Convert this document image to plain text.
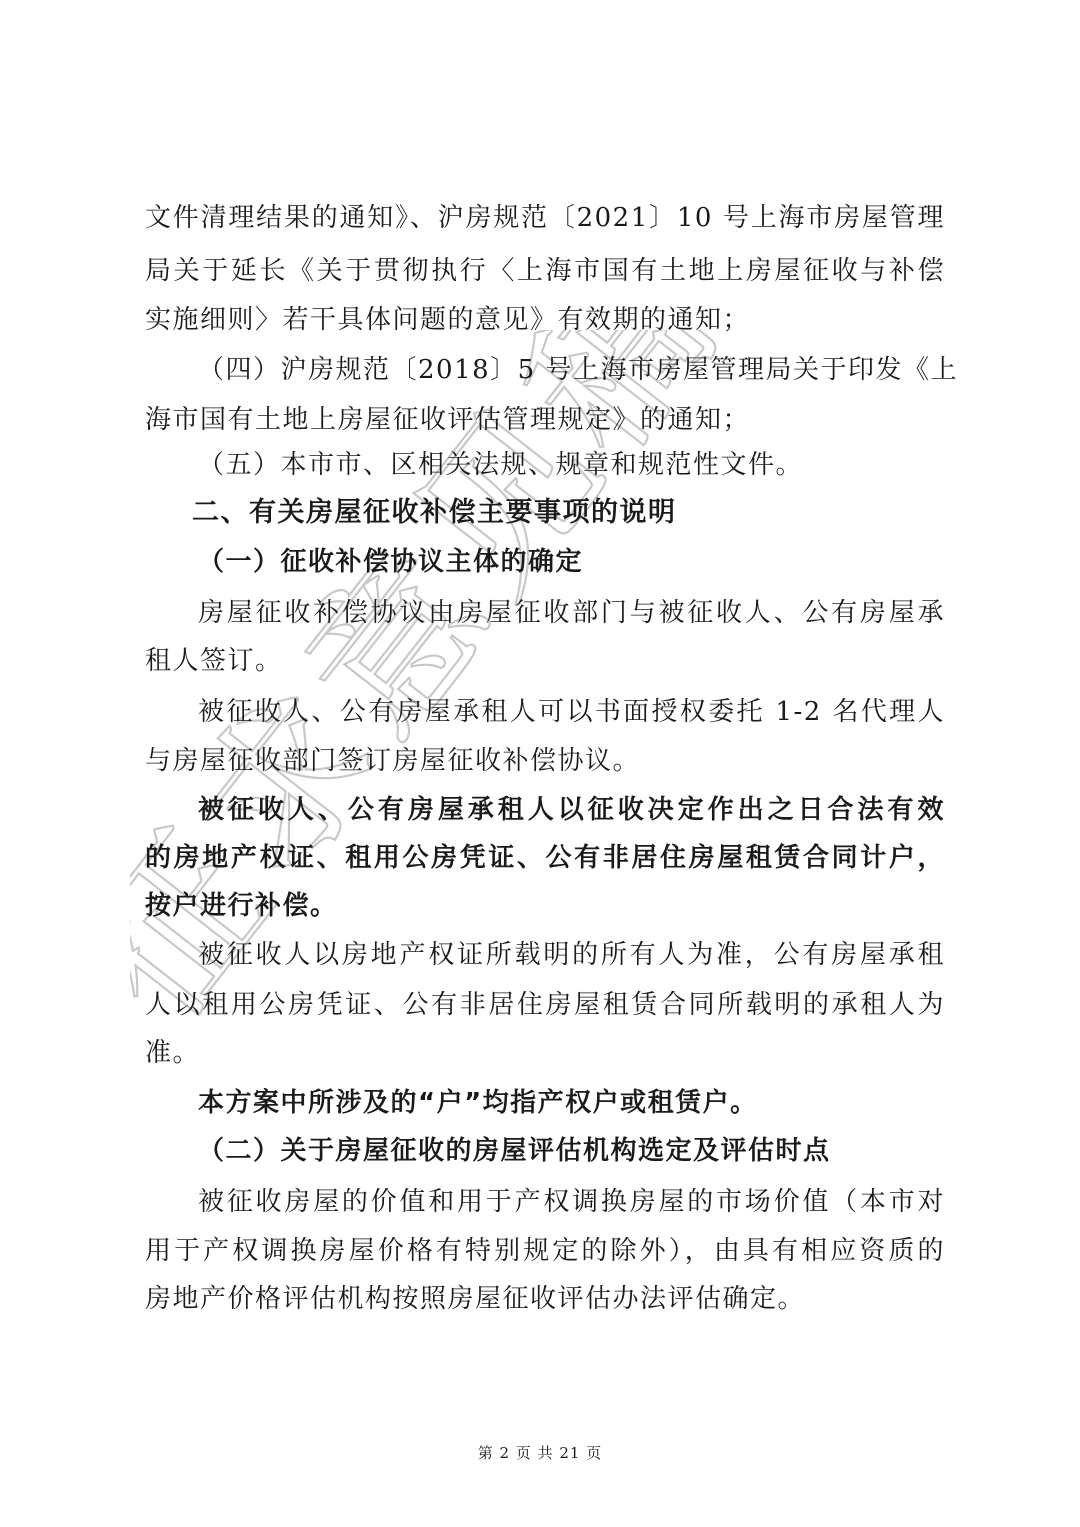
征求意见稿
文件清理结果的通知》、沪房规范〔2021〕10 号上海市房屋管理
局关于延长《关于贯彻执行〈上海市国有土地上房屋征收与补偿
实施细则〉若干具体问题的意见》有效期的通知；
（四）沪房规范〔2018〕5 号上海市房屋管理局关于印发《上
海市国有土地上房屋征收评估管理规定》的通知；
（五）本市市、区相关法规、规章和规范性文件。
二、有关房屋征收补偿主要事项的说明
（一）征收补偿协议主体的确定
房屋征收补偿协议由房屋征收部门与被征收人、公有房屋承
租人签订。
被征收人、公有房屋承租人可以书面授权委托 1-2 名代理人
与房屋征收部门签订房屋征收补偿协议。
被征收人、公有房屋承租人以征收决定作出之日合法有效
的房地产权证、租用公房凭证、公有非居住房屋租赁合同计户，
按户进行补偿。
被征收人以房地产权证所载明的所有人为准，公有房屋承租
人以租用公房凭证、公有非居住房屋租赁合同所载明的承租人为
准。
本方案中所涉及的“户”均指产权户或租赁户。
（二）关于房屋征收的房屋评估机构选定及评估时点
被征收房屋的价值和用于产权调换房屋的市场价值（本市对
用于产权调换房屋价格有特别规定的除外），由具有相应资质的
房地产价格评估机构按照房屋征收评估办法评估确定。
第 2 页 共 21 页
